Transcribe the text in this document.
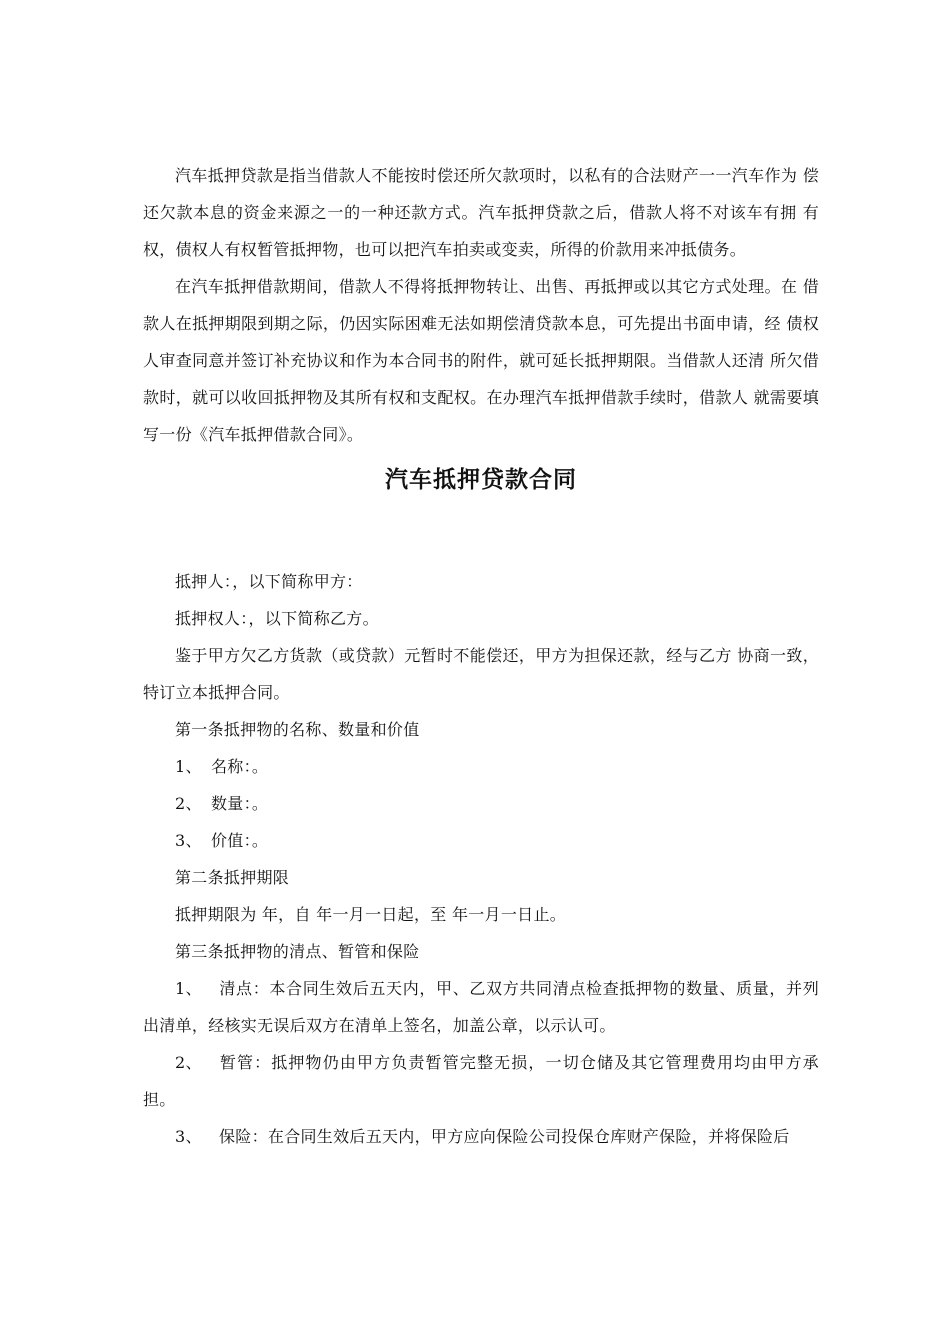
汽车抵押贷款是指当借款人不能按时偿还所欠款项时，以私有的合法财产一一汽车作为 偿还欠款本息的资金来源之一的一种还款方式。汽车抵押贷款之后，借款人将不对该车有拥 有权，债权人有权暂管抵押物，也可以把汽车拍卖或变卖，所得的价款用来冲抵债务。

在汽车抵押借款期间，借款人不得将抵押物转让、出售、再抵押或以其它方式处理。在 借款人在抵押期限到期之际，仍因实际困难无法如期偿清贷款本息，可先提出书面申请，经 债权人审查同意并签订补充协议和作为本合同书的附件，就可延长抵押期限。当借款人还清 所欠借款时，就可以收回抵押物及其所有权和支配权。在办理汽车抵押借款手续时，借款人 就需要填写一份《汽车抵押借款合同》。

汽车抵押贷款合同

抵押人：，以下简称甲方：

抵押权人：，以下简称乙方。

鉴于甲方欠乙方货款（或贷款）元暂时不能偿还，甲方为担保还款，经与乙方 协商一致，特订立本抵押合同。

第一条抵押物的名称、数量和价值

1、 名称：。

2、 数量：。

3、 价值：。

第二条抵押期限

抵押期限为 年，自 年一月一日起，至 年一月一日止。

第三条抵押物的清点、暂管和保险

1、 清点：本合同生效后五天内，甲、乙双方共同清点检查抵押物的数量、质量，并列 出清单，经核实无误后双方在清单上签名，加盖公章，以示认可。

2、 暂管：抵押物仍由甲方负责暂管完整无损，一切仓储及其它管理费用均由甲方承担。

3、 保险：在合同生效后五天内，甲方应向保险公司投保仓库财产保险，并将保险后
